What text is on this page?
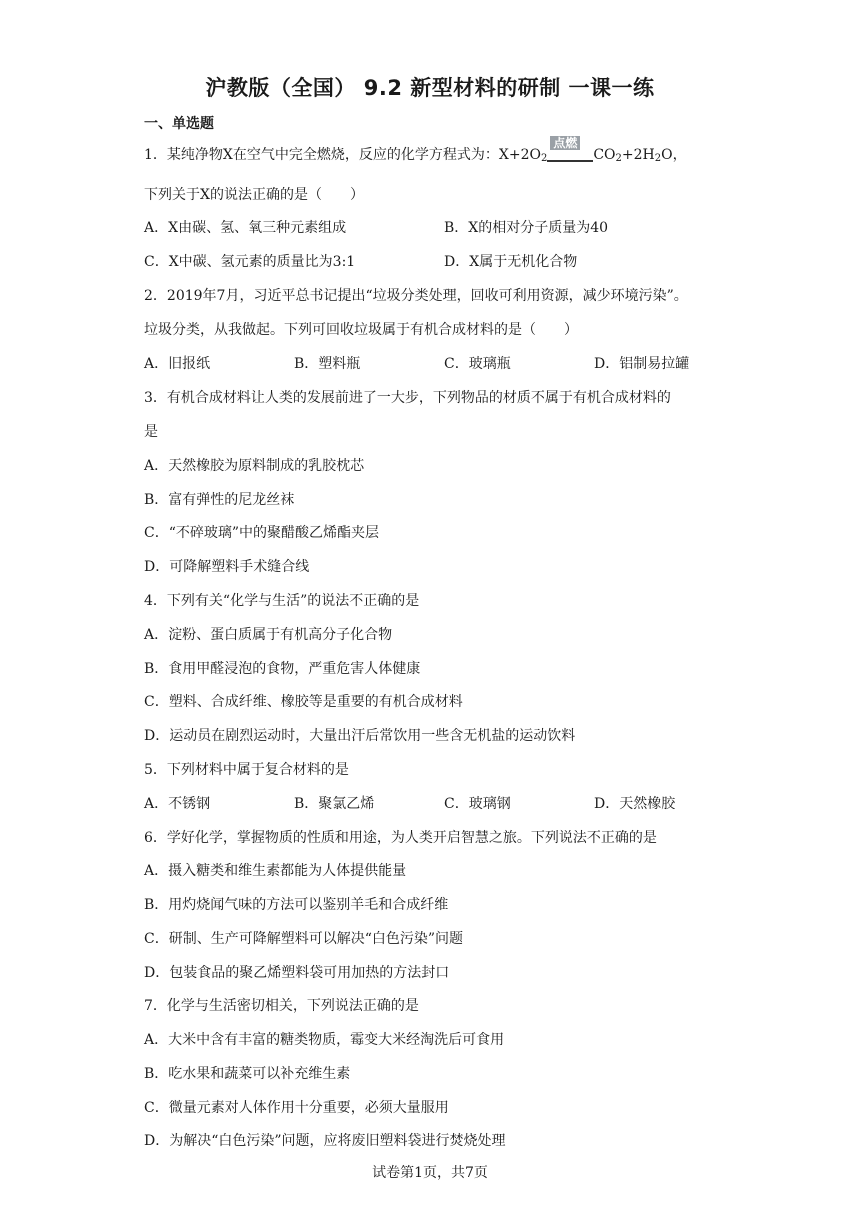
沪教版（全国） 9.2 新型材料的研制 一课一练
一、单选题
1．某纯净物X在空气中完全燃烧，反应的化学方程式为：$X+2O_2$
点燃
$CO_2+2H_2O$，
下列关于X的说法正确的是（　　）
A．X由碳、氢、氧三种元素组成	B．X的相对分子质量为40
C．X中碳、氢元素的质量比为3:1	D．X属于无机化合物
2．2019年7月，习近平总书记提出“垃圾分类处理，回收可利用资源，减少环境污染”。
垃圾分类，从我做起。下列可回收垃圾属于有机合成材料的是（　　）
A．旧报纸	B．塑料瓶	C．玻璃瓶	D．铝制易拉罐
3．有机合成材料让人类的发展前进了一大步，下列物品的材质不属于有机合成材料的
是
A．天然橡胶为原料制成的乳胶枕芯
B．富有弹性的尼龙丝袜
C．“不碎玻璃”中的聚醋酸乙烯酯夹层
D．可降解塑料手术缝合线
4．下列有关“化学与生活”的说法不正确的是
A．淀粉、蛋白质属于有机高分子化合物
B．食用甲醛浸泡的食物，严重危害人体健康
C．塑料、合成纤维、橡胶等是重要的有机合成材料
D．运动员在剧烈运动时，大量出汗后常饮用一些含无机盐的运动饮料
5．下列材料中属于复合材料的是
A．不锈钢	B．聚氯乙烯	C．玻璃钢	D．天然橡胶
6．学好化学，掌握物质的性质和用途，为人类开启智慧之旅。下列说法不正确的是
A．摄入糖类和维生素都能为人体提供能量
B．用灼烧闻气味的方法可以鉴别羊毛和合成纤维
C．研制、生产可降解塑料可以解决“白色污染”问题
D．包装食品的聚乙烯塑料袋可用加热的方法封口
7．化学与生活密切相关，下列说法正确的是
A．大米中含有丰富的糖类物质，霉变大米经淘洗后可食用
B．吃水果和蔬菜可以补充维生素
C．微量元素对人体作用十分重要，必须大量服用
D．为解决“白色污染”问题，应将废旧塑料袋进行焚烧处理
试卷第1页，共7页
